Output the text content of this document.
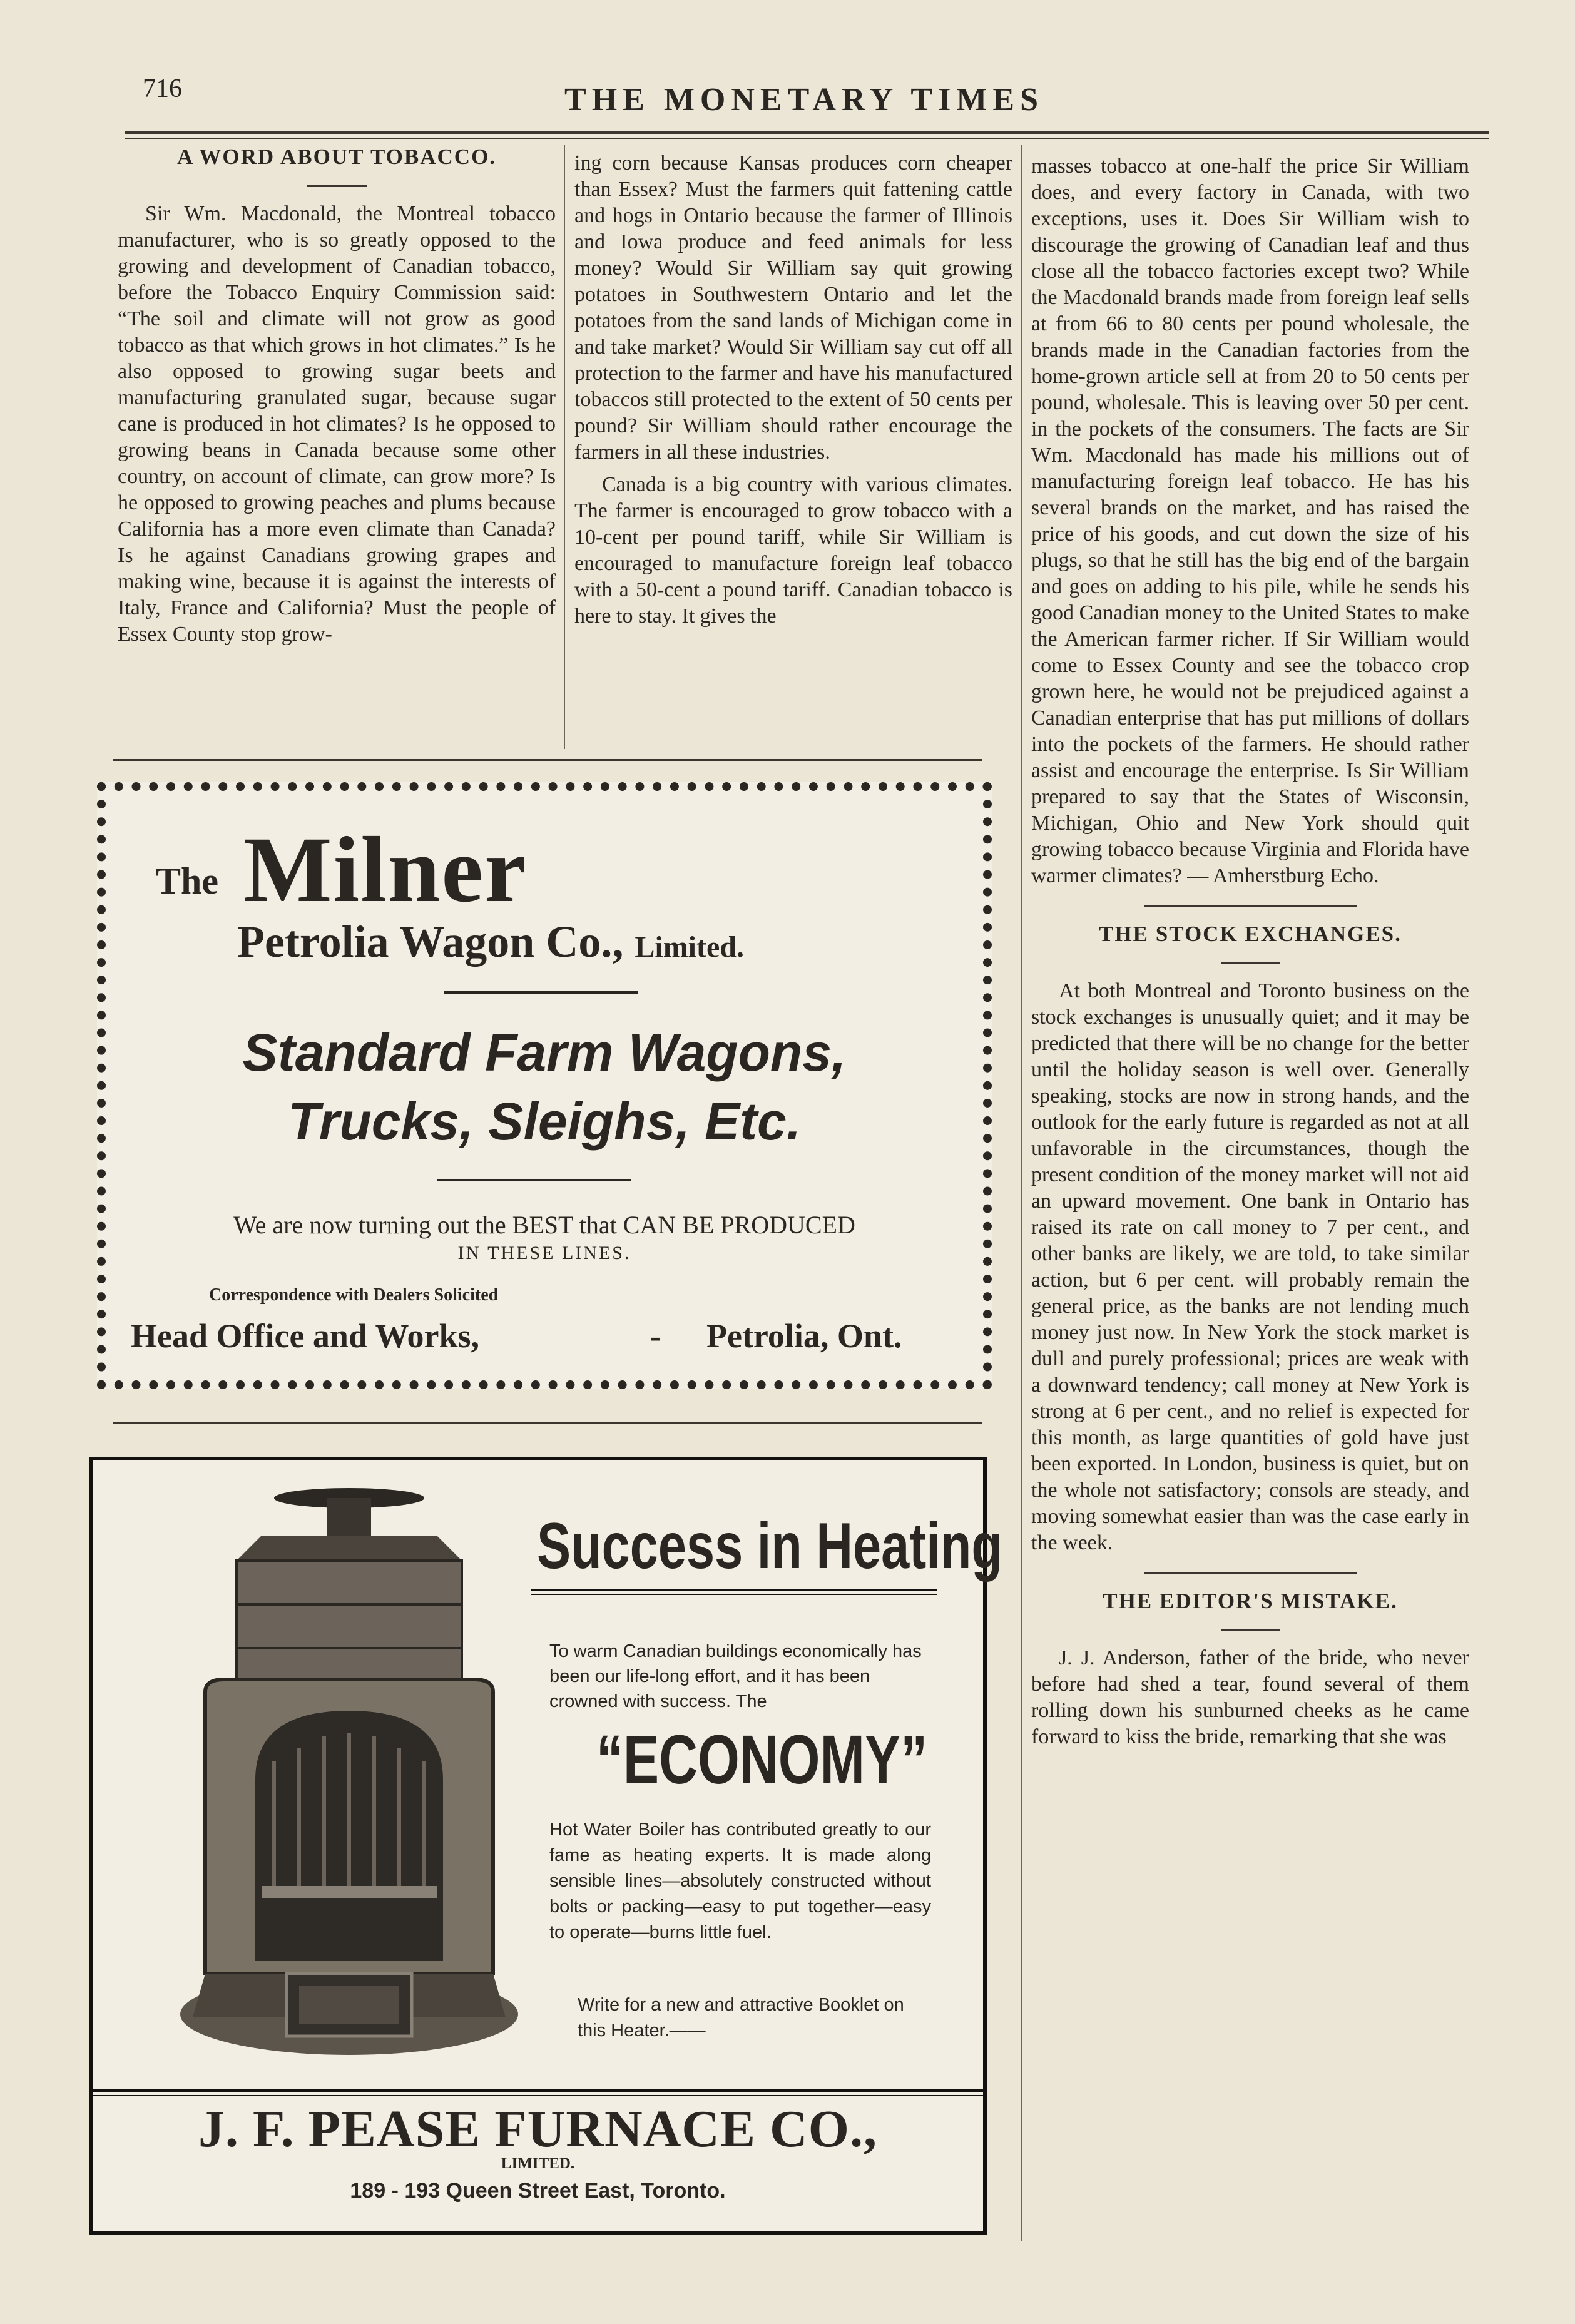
716	THE MONETARY TIMES
A WORD ABOUT TOBACCO.

Sir Wm. Macdonald, the Montreal tobacco manufacturer, who is so greatly opposed to the growing and development of Canadian tobacco, before the Tobacco Enquiry Commission said: “The soil and climate will not grow as good tobacco as that which grows in hot climates.” Is he also opposed to growing sugar beets and manufacturing granulated sugar, because sugar cane is produced in hot climates? Is he opposed to growing beans in Canada because some other country, on account of climate, can grow more? Is he opposed to growing peaches and plums because California has a more even climate than Canada? Is he against Canadians growing grapes and making wine, because it is against the interests of Italy, France and California? Must the people of Essex County stop grow-

ing corn because Kansas produces corn cheaper than Essex? Must the farmers quit fattening cattle and hogs in Ontario because the farmer of Illinois and Iowa produce and feed animals for less money? Would Sir William say quit growing potatoes in Southwestern Ontario and let the potatoes from the sand lands of Michigan come in and take market? Would Sir William say cut off all protection to the farmer and have his manufactured tobaccos still protected to the extent of 50 cents per pound? Sir William should rather encourage the farmers in all these industries.

Canada is a big country with various climates. The farmer is encouraged to grow tobacco with a 10-cent per pound tariff, while Sir William is encouraged to manufacture foreign leaf tobacco with a 50-cent a pound tariff. Canadian tobacco is here to stay. It gives the

masses tobacco at one-half the price Sir William does, and every factory in Canada, with two exceptions, uses it. Does Sir William wish to discourage the growing of Canadian leaf and thus close all the tobacco factories except two? While the Macdonald brands made from foreign leaf sells at from 66 to 80 cents per pound wholesale, the brands made in the Canadian factories from the home-grown article sell at from 20 to 50 cents per pound, wholesale. This is leaving over 50 per cent. in the pockets of the consumers. The facts are Sir Wm. Macdonald has made his millions out of manufacturing foreign leaf tobacco. He has his several brands on the market, and has raised the price of his goods, and cut down the size of his plugs, so that he still has the big end of the bargain and goes on adding to his pile, while he sends his good Canadian money to the United States to make the American farmer richer. If Sir William would come to Essex County and see the tobacco crop grown here, he would not be prejudiced against a Canadian enterprise that has put millions of dollars into the pockets of the farmers. He should rather assist and encourage the enterprise. Is Sir William prepared to say that the States of Wisconsin, Michigan, Ohio and New York should quit growing tobacco because Virginia and Florida have warmer climates? — Amherstburg Echo.

THE STOCK EXCHANGES.

At both Montreal and Toronto business on the stock exchanges is unusually quiet; and it may be predicted that there will be no change for the better until the holiday season is well over. Generally speaking, stocks are now in strong hands, and the outlook for the early future is regarded as not at all unfavorable in the circumstances, though the present condition of the money market will not aid an upward movement. One bank in Ontario has raised its rate on call money to 7 per cent., and other banks are likely, we are told, to take similar action, but 6 per cent. will probably remain the general price, as the banks are not lending much money just now. In New York the stock market is dull and purely professional; prices are weak with a downward tendency; call money at New York is strong at 6 per cent., and no relief is expected for this month, as large quantities of gold have just been exported. In London, business is quiet, but on the whole not satisfactory; consols are steady, and moving somewhat easier than was the case early in the week.

THE EDITOR'S MISTAKE.

J. J. Anderson, father of the bride, who never before had shed a tear, found several of them rolling down his sunburned cheeks as he came forward to kiss the bride, remarking that she was

The Milner
Petrolia Wagon Co., Limited.
Standard Farm Wagons,
Trucks, Sleighs, Etc.
We are now turning out the BEST that CAN BE PRODUCED
IN THESE LINES.
Correspondence with Dealers Solicited
Head Office and Works,	- Petrolia, Ont.
Success in Heating
To warm Canadian buildings economically has been our life-long effort, and it has been crowned with success. The
“ECONOMY”
Hot Water Boiler has contributed greatly to our fame as heating experts. It is made along sensible lines—absolutely constructed without bolts or packing—easy to put together—easy to operate—burns little fuel.
Write for a new and attractive Booklet on this Heater.——
J. F. PEASE FURNACE CO.,
LIMITED.
189 - 193 Queen Street East, Toronto.
